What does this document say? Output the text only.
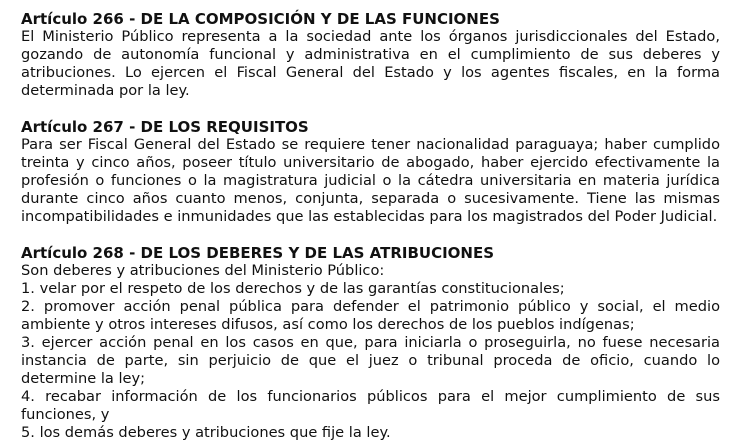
Artículo 266 - DE LA COMPOSICIÓN Y DE LAS FUNCIONES

El Ministerio Público representa a la sociedad ante los órganos jurisdiccionales del Estado, gozando de autonomía funcional y administrativa en el cumplimiento de sus deberes y atribuciones. Lo ejercen el Fiscal General del Estado y los agentes fiscales, en la forma determinada por la ley.

Artículo 267 - DE LOS REQUISITOS

Para ser Fiscal General del Estado se requiere tener nacionalidad paraguaya; haber cumplido treinta y cinco años, poseer título universitario de abogado, haber ejercido efectivamente la profesión o funciones o la magistratura judicial o la cátedra universitaria en materia jurídica durante cinco años cuanto menos, conjunta, separada o sucesivamente. Tiene las mismas incompatibilidades e inmunidades que las establecidas para los magistrados del Poder Judicial.

Artículo 268 - DE LOS DEBERES Y DE LAS ATRIBUCIONES

Son deberes y atribuciones del Ministerio Público:

1. velar por el respeto de los derechos y de las garantías constitucionales;
2. promover acción penal pública para defender el patrimonio público y social, el medio ambiente y otros intereses difusos, así como los derechos de los pueblos indígenas;
3. ejercer acción penal en los casos en que, para iniciarla o proseguirla, no fuese necesaria instancia de parte, sin perjuicio de que el juez o tribunal proceda de oficio, cuando lo determine la ley;
4. recabar información de los funcionarios públicos para el mejor cumplimiento de sus funciones, y
5. los demás deberes y atribuciones que fije la ley.
